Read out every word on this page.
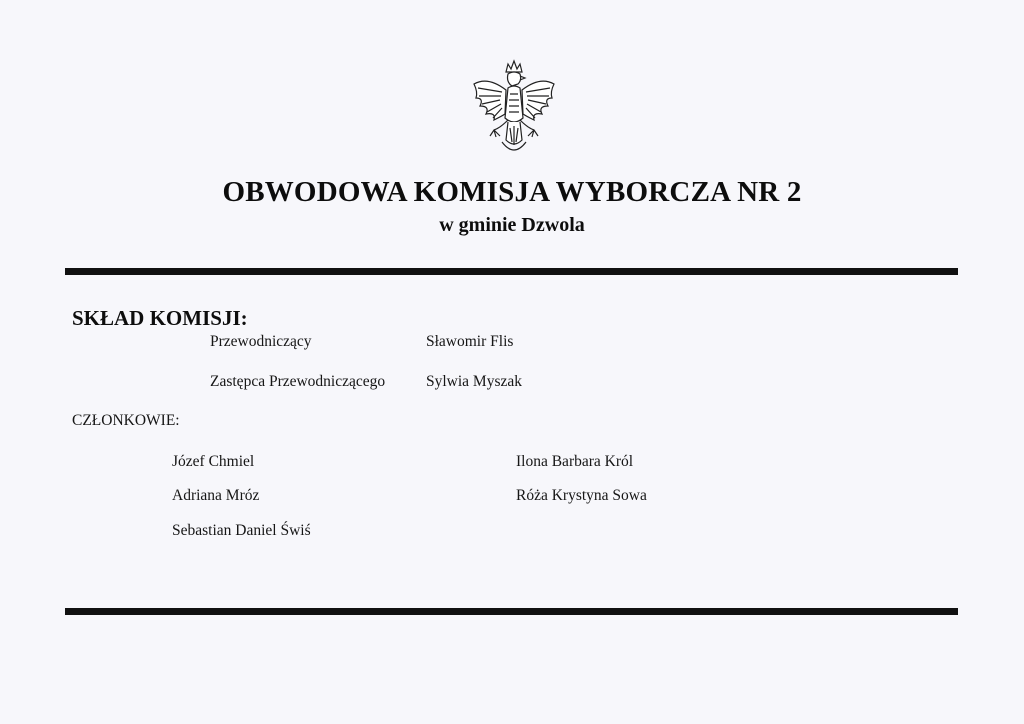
OBWODOWA KOMISJA WYBORCZA NR 2
w gminie Dzwola
SKŁAD KOMISJI:
Przewodniczący	Sławomir Flis
Zastępca Przewodniczącego	Sylwia Myszak
CZŁONKOWIE:
Józef Chmiel
Adriana Mróz
Sebastian Daniel Świś
Ilona Barbara Król
Róża Krystyna Sowa
